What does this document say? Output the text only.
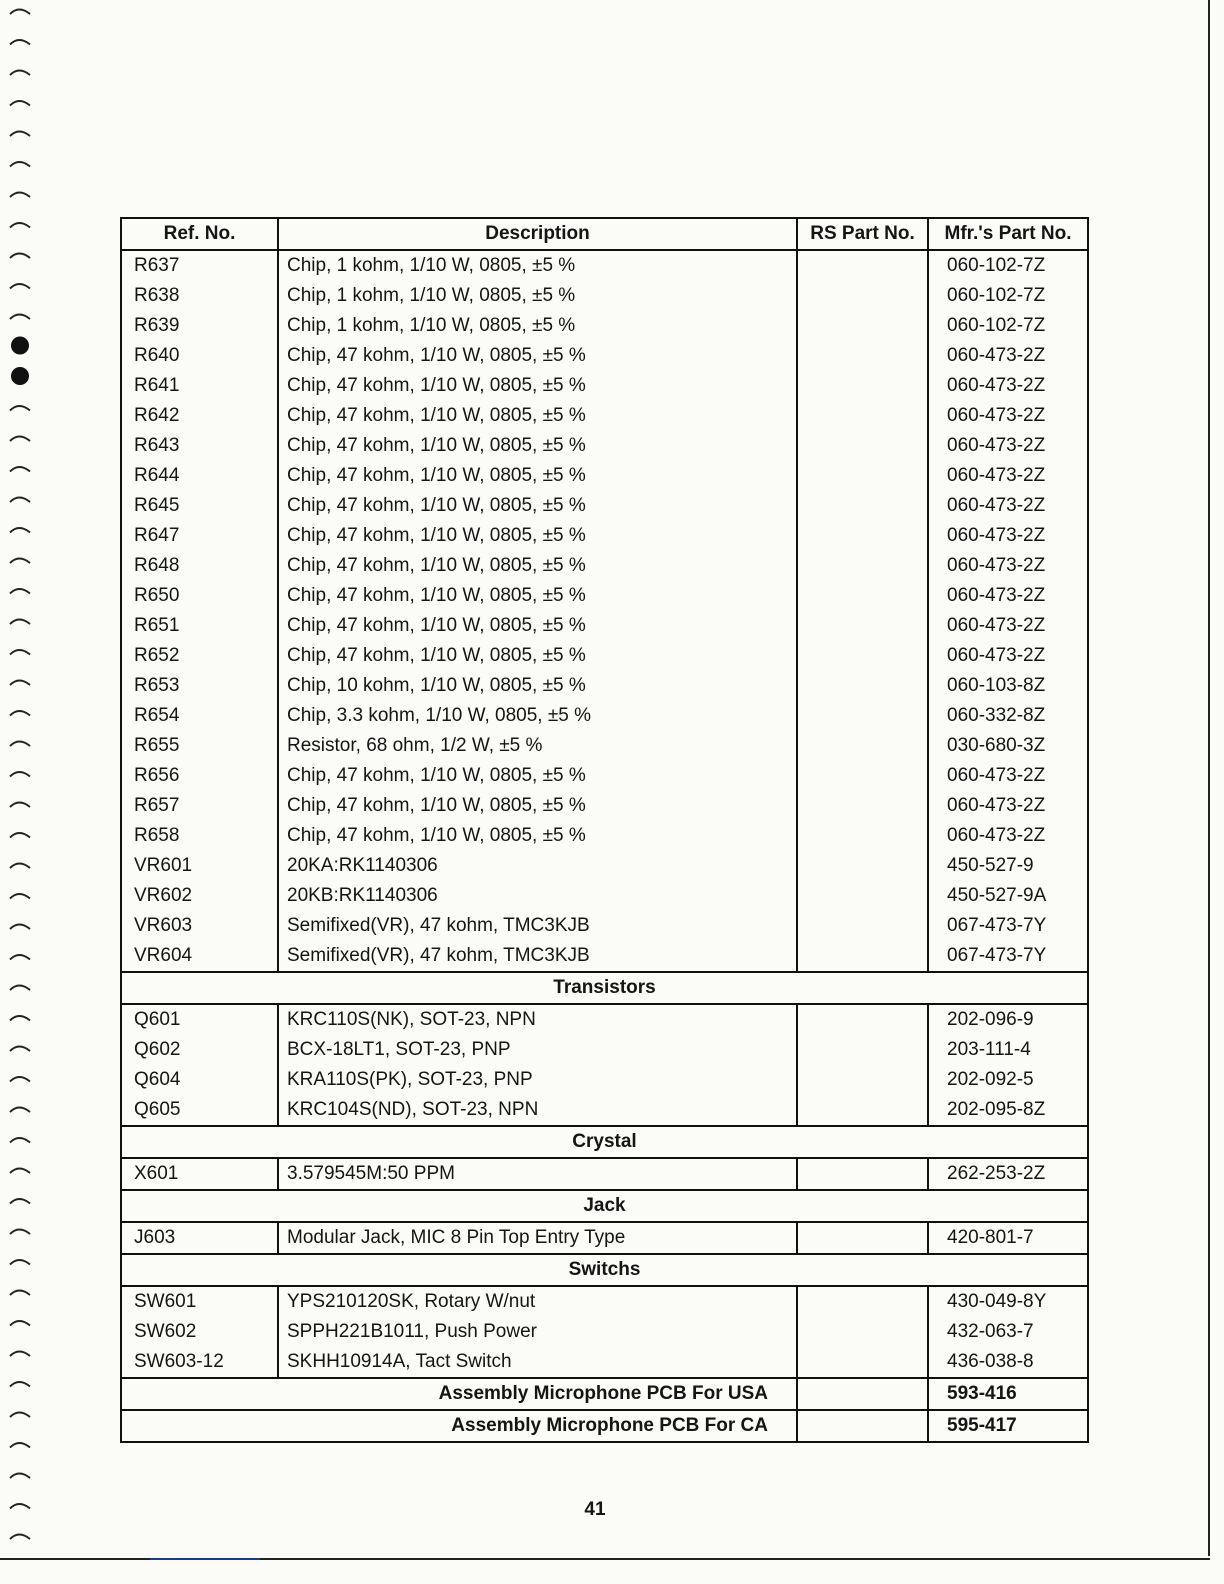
Ref. No.	Description	RS Part No.	Mfr.'s Part No.
R637	Chip, 1 kohm, 1/10 W, 0805, ±5 %		060-102-7Z
R638	Chip, 1 kohm, 1/10 W, 0805, ±5 %		060-102-7Z
R639	Chip, 1 kohm, 1/10 W, 0805, ±5 %		060-102-7Z
R640	Chip, 47 kohm, 1/10 W, 0805, ±5 %		060-473-2Z
R641	Chip, 47 kohm, 1/10 W, 0805, ±5 %		060-473-2Z
R642	Chip, 47 kohm, 1/10 W, 0805, ±5 %		060-473-2Z
R643	Chip, 47 kohm, 1/10 W, 0805, ±5 %		060-473-2Z
R644	Chip, 47 kohm, 1/10 W, 0805, ±5 %		060-473-2Z
R645	Chip, 47 kohm, 1/10 W, 0805, ±5 %		060-473-2Z
R647	Chip, 47 kohm, 1/10 W, 0805, ±5 %		060-473-2Z
R648	Chip, 47 kohm, 1/10 W, 0805, ±5 %		060-473-2Z
R650	Chip, 47 kohm, 1/10 W, 0805, ±5 %		060-473-2Z
R651	Chip, 47 kohm, 1/10 W, 0805, ±5 %		060-473-2Z
R652	Chip, 47 kohm, 1/10 W, 0805, ±5 %		060-473-2Z
R653	Chip, 10 kohm, 1/10 W, 0805, ±5 %		060-103-8Z
R654	Chip, 3.3 kohm, 1/10 W, 0805, ±5 %		060-332-8Z
R655	Resistor, 68 ohm, 1/2 W, ±5 %		030-680-3Z
R656	Chip, 47 kohm, 1/10 W, 0805, ±5 %		060-473-2Z
R657	Chip, 47 kohm, 1/10 W, 0805, ±5 %		060-473-2Z
R658	Chip, 47 kohm, 1/10 W, 0805, ±5 %		060-473-2Z
VR601	20KA:RK1140306		450-527-9
VR602	20KB:RK1140306		450-527-9A
VR603	Semifixed(VR), 47 kohm, TMC3KJB		067-473-7Y
VR604	Semifixed(VR), 47 kohm, TMC3KJB		067-473-7Y
Transistors			
Q601	KRC110S(NK), SOT-23, NPN		202-096-9
Q602	BCX-18LT1, SOT-23, PNP		203-111-4
Q604	KRA110S(PK), SOT-23, PNP		202-092-5
Q605	KRC104S(ND), SOT-23, NPN		202-095-8Z
Crystal			
X601	3.579545M:50 PPM		262-253-2Z
Jack			
J603	Modular Jack, MIC 8 Pin Top Entry Type		420-801-7
Switchs			
SW601	YPS210120SK, Rotary W/nut		430-049-8Y
SW602	SPPH221B1011, Push Power		432-063-7
SW603-12	SKHH10914A, Tact Switch		436-038-8
Assembly Microphone PCB For USA			593-416
Assembly Microphone PCB For CA			595-417
41
